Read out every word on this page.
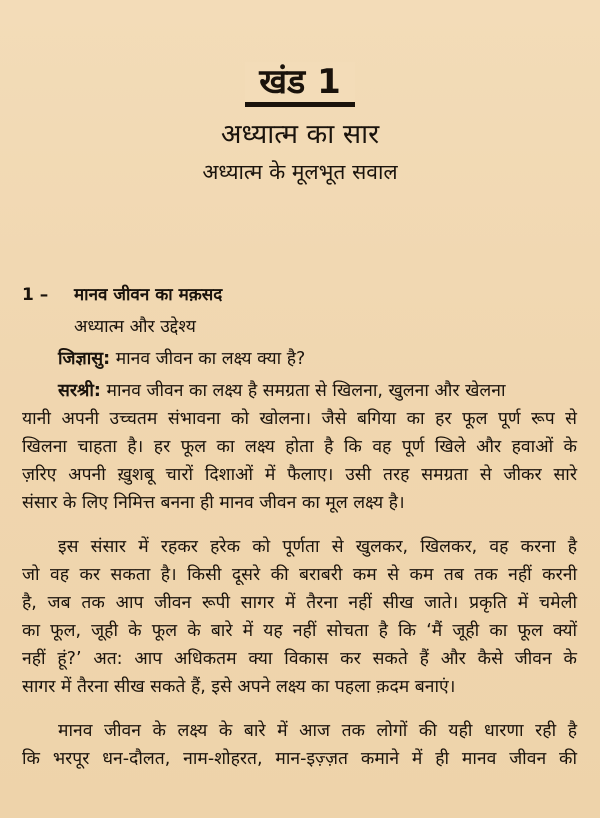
खंड 1
अध्यात्म का सार
अध्यात्म के मूलभूत सवाल
1 – मानव जीवन का मक़सद
अध्यात्म और उद्देश्य
जिज्ञासु: मानव जीवन का लक्ष्य क्या है?
सरश्री: मानव जीवन का लक्ष्य है समग्रता से खिलना, खुलना और खेलना
यानी अपनी उच्चतम संभावना को खोलना। जैसे बगिया का हर फूल पूर्ण रूप से
खिलना चाहता है। हर फूल का लक्ष्य होता है कि वह पूर्ण खिले और हवाओं के
ज़रिए अपनी ख़ुशबू चारों दिशाओं में फैलाए। उसी तरह समग्रता से जीकर सारे
संसार के लिए निमित्त बनना ही मानव जीवन का मूल लक्ष्य है।
इस संसार में रहकर हरेक को पूर्णता से खुलकर, खिलकर, वह करना है
जो वह कर सकता है। किसी दूसरे की बराबरी कम से कम तब तक नहीं करनी
है, जब तक आप जीवन रूपी सागर में तैरना नहीं सीख जाते। प्रकृति में चमेली
का फूल, जूही के फूल के बारे में यह नहीं सोचता है कि ‘मैं जूही का फूल क्यों
नहीं हूं?’ अत: आप अधिकतम क्या विकास कर सकते हैं और कैसे जीवन के
सागर में तैरना सीख सकते हैं, इसे अपने लक्ष्य का पहला क़दम बनाएं।
मानव जीवन के लक्ष्य के बारे में आज तक लोगों की यही धारणा रही है
कि भरपूर धन-दौलत, नाम-शोहरत, मान-इज़्ज़त कमाने में ही मानव जीवन की
